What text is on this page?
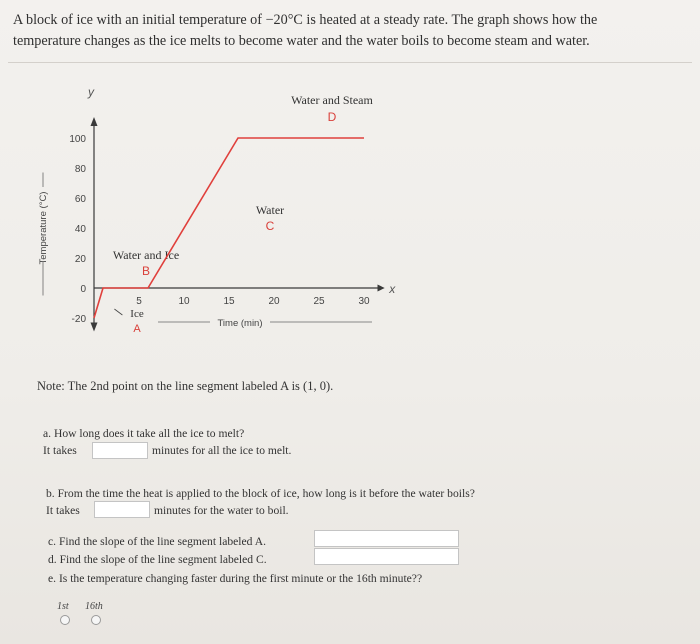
A block of ice with an initial temperature of −20°C is heated at a steady rate. The graph shows how the
temperature changes as the ice melts to become water and the water boils to become steam and water.
y
x
Temperature (°C)
Time (min)
100
80
60
40
20
0
-20
5	10	15	20	25	30
Ice
A
Water and Ice
B
Water
C
Water and Steam
D
Note: The 2nd point on the line segment labeled A is (1, 0).
a. How long does it take all the ice to melt?
It takes	minutes for all the ice to melt.
b. From the time the heat is applied to the block of ice, how long is it before the water boils?
It takes	minutes for the water to boil.
c. Find the slope of the line segment labeled A.
d. Find the slope of the line segment labeled C.
e. Is the temperature changing faster during the first minute or the 16th minute??
1st 16th
